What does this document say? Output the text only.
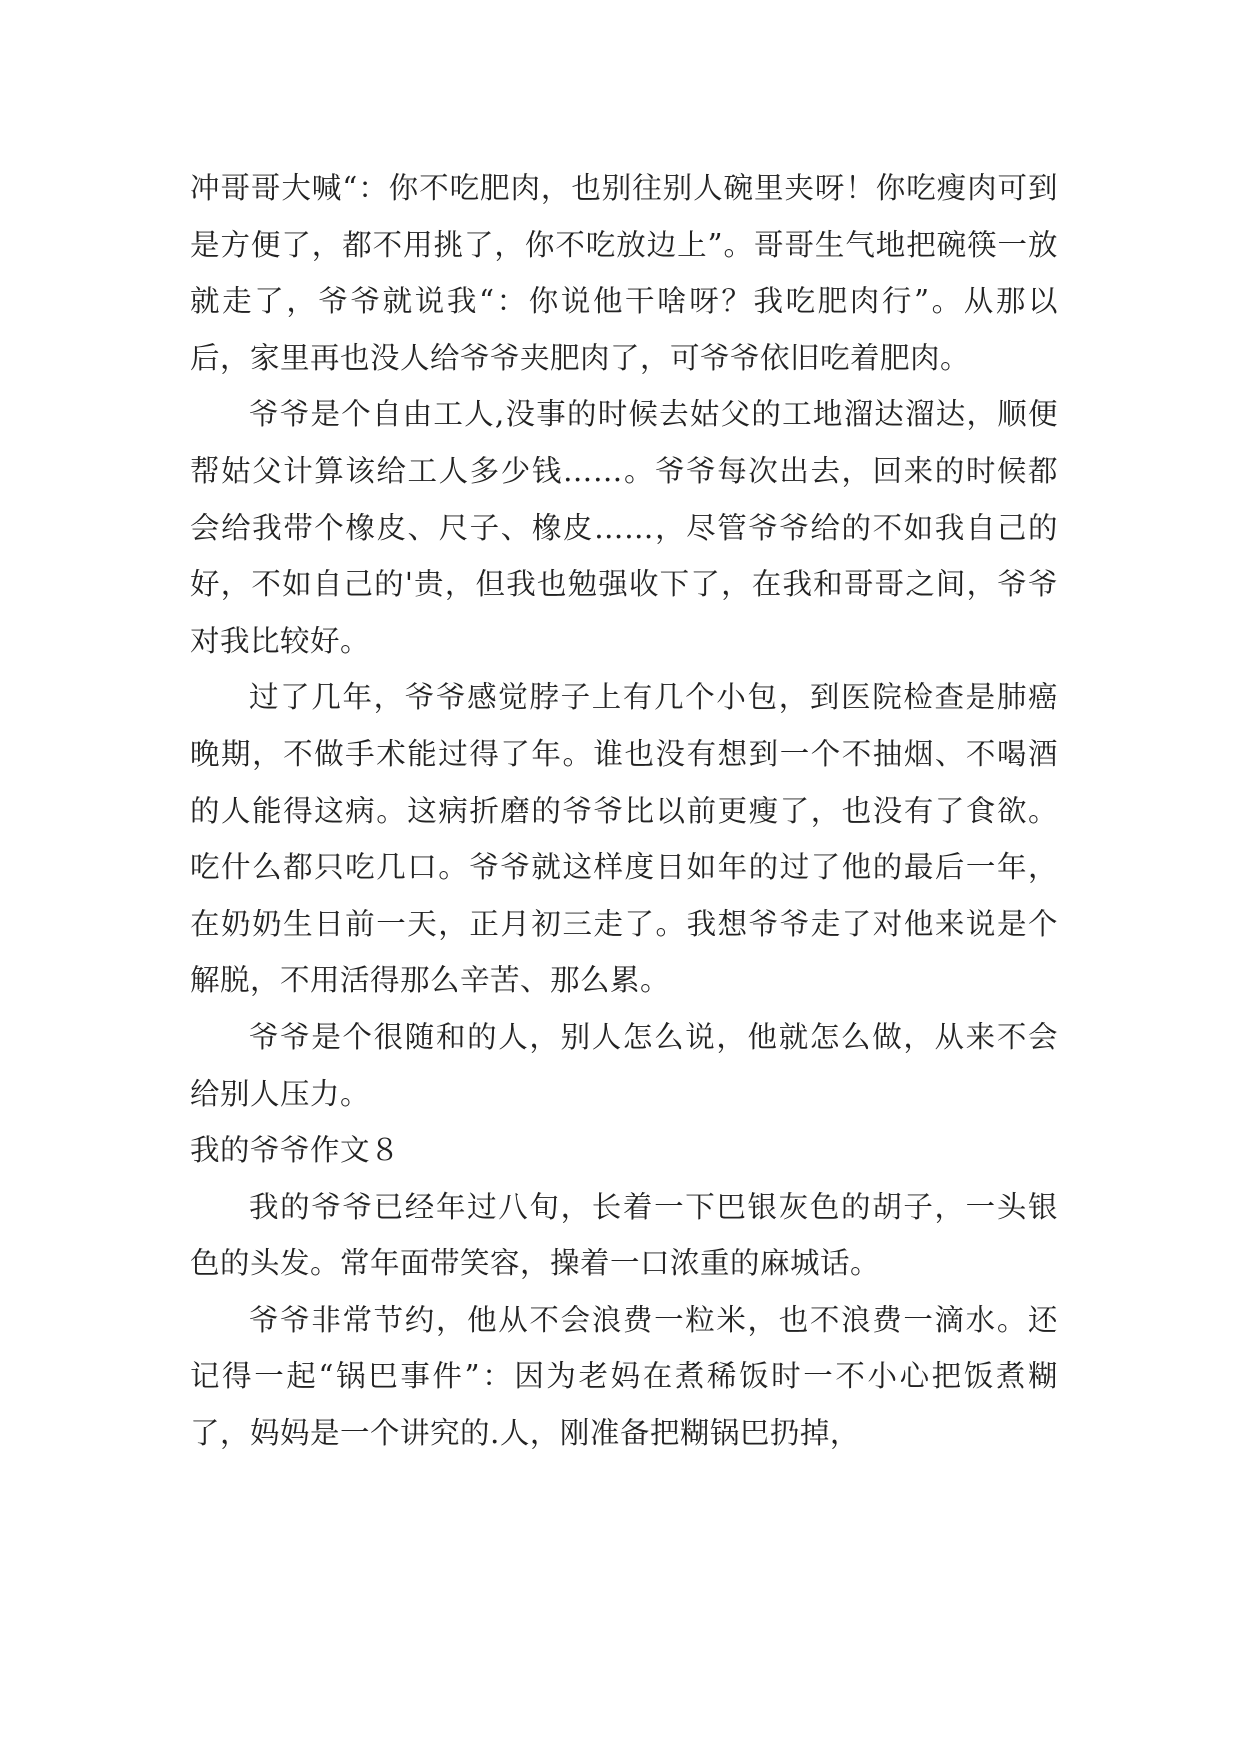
冲哥哥大喊“：你不吃肥肉，也别往别人碗里夹呀！你吃瘦肉可到是方便了，都不用挑了，你不吃放边上”。哥哥生气地把碗筷一放就走了，爷爷就说我“：你说他干啥呀？我吃肥肉行”。从那以后，家里再也没人给爷爷夹肥肉了，可爷爷依旧吃着肥肉。

爷爷是个自由工人,没事的时候去姑父的工地溜达溜达，顺便帮姑父计算该给工人多少钱……。爷爷每次出去，回来的时候都会给我带个橡皮、尺子、橡皮……，尽管爷爷给的不如我自己的好，不如自己的'贵，但我也勉强收下了，在我和哥哥之间，爷爷对我比较好。

过了几年，爷爷感觉脖子上有几个小包，到医院检查是肺癌晚期，不做手术能过得了年。谁也没有想到一个不抽烟、不喝酒的人能得这病。这病折磨的爷爷比以前更瘦了，也没有了食欲。吃什么都只吃几口。爷爷就这样度日如年的过了他的最后一年，在奶奶生日前一天，正月初三走了。我想爷爷走了对他来说是个解脱，不用活得那么辛苦、那么累。

爷爷是个很随和的人，别人怎么说，他就怎么做，从来不会给别人压力。

我的爷爷作文８

我的爷爷已经年过八旬，长着一下巴银灰色的胡子，一头银色的头发。常年面带笑容，操着一口浓重的麻城话。

爷爷非常节约，他从不会浪费一粒米，也不浪费一滴水。还记得一起“锅巴事件”：因为老妈在煮稀饭时一不小心把饭煮糊了，妈妈是一个讲究的.人，刚准备把糊锅巴扔掉，
